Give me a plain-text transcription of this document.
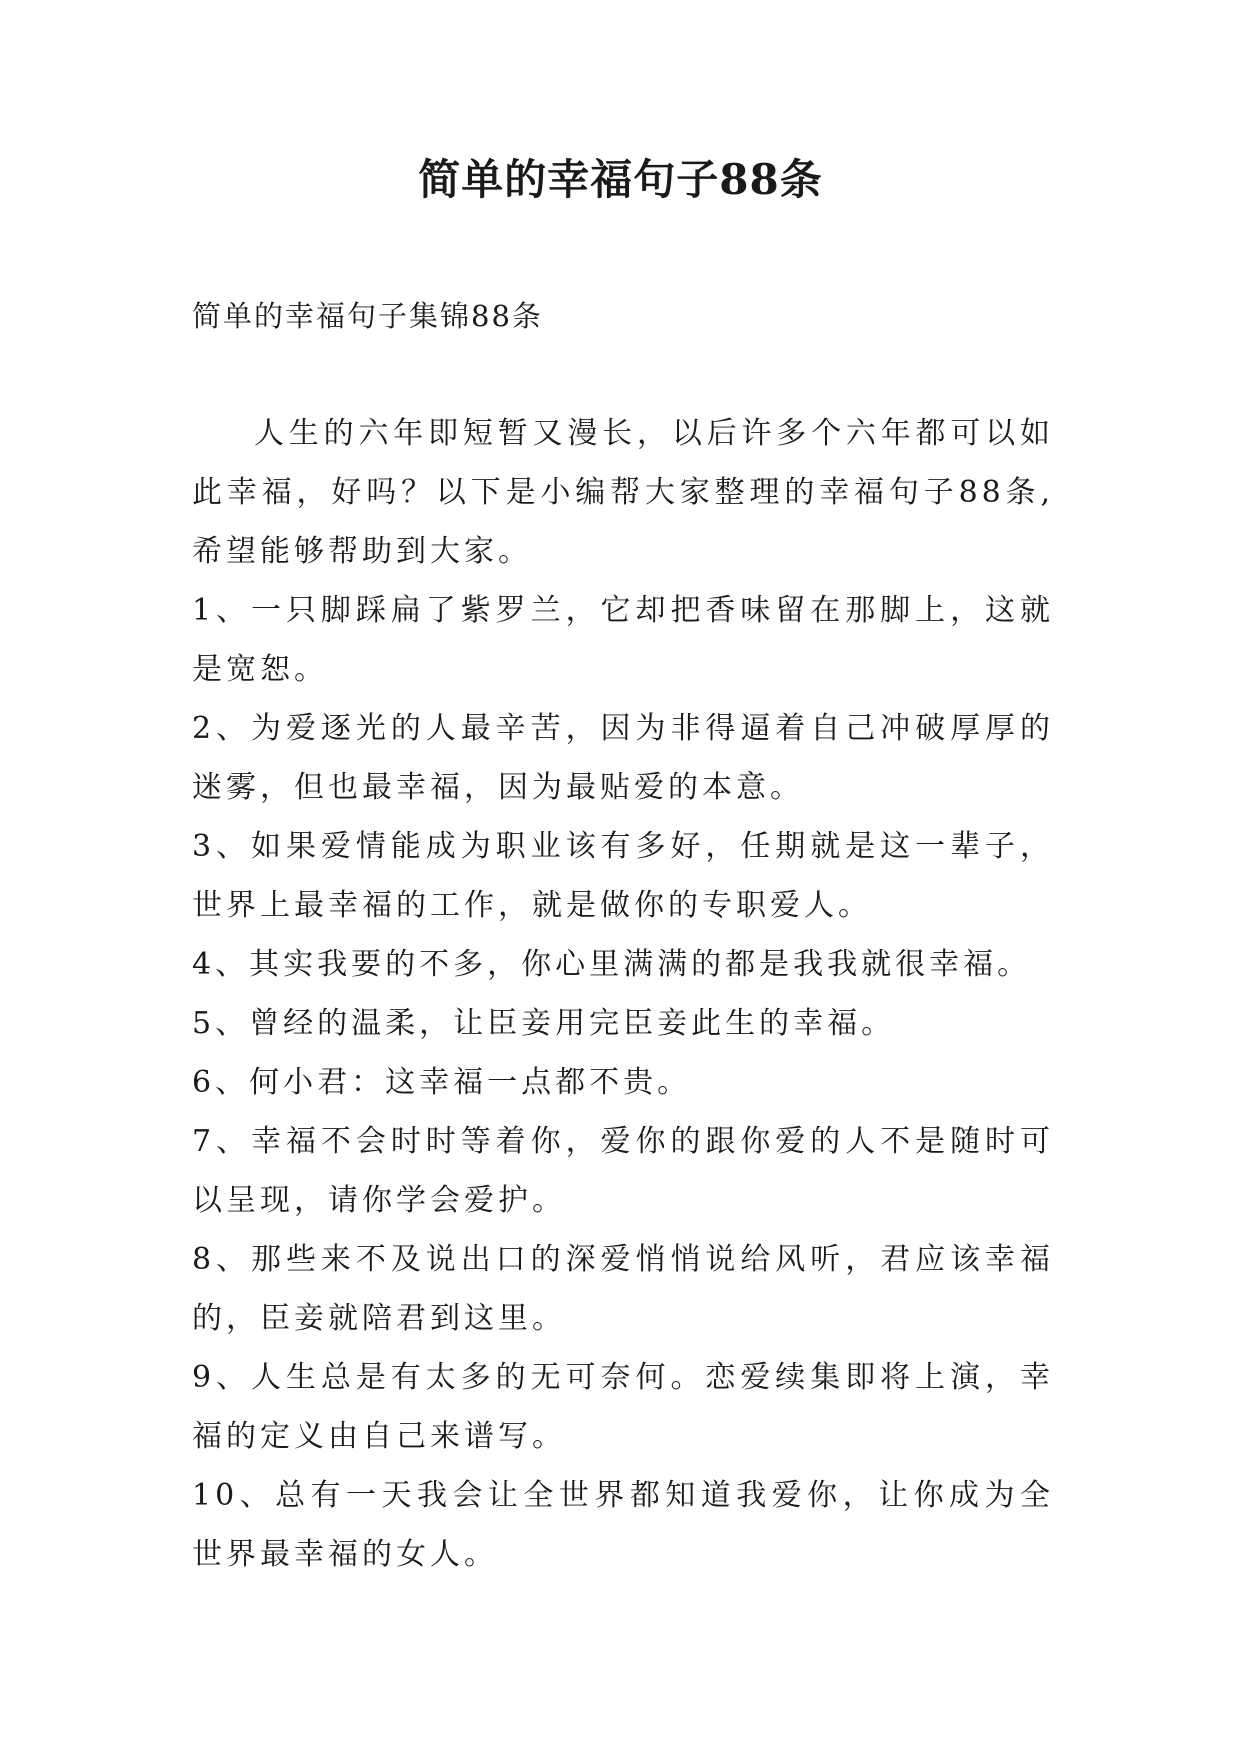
简单的幸福句子88条

简单的幸福句子集锦88条

人生的六年即短暂又漫长，以后许多个六年都可以如此幸福，好吗？以下是小编帮大家整理的幸福句子88条,希望能够帮助到大家。

1、一只脚踩扁了紫罗兰，它却把香味留在那脚上，这就是宽恕。

2、为爱逐光的人最辛苦，因为非得逼着自己冲破厚厚的迷雾，但也最幸福，因为最贴爱的本意。

3、如果爱情能成为职业该有多好，任期就是这一辈子，世界上最幸福的工作，就是做你的专职爱人。

4、其实我要的不多，你心里满满的都是我我就很幸福。

5、曾经的温柔，让臣妾用完臣妾此生的幸福。

6、何小君：这幸福一点都不贵。

7、幸福不会时时等着你，爱你的跟你爱的人不是随时可以呈现，请你学会爱护。

8、那些来不及说出口的深爱悄悄说给风听，君应该幸福的，臣妾就陪君到这里。

9、人生总是有太多的无可奈何。恋爱续集即将上演，幸福的定义由自己来谱写。

10、总有一天我会让全世界都知道我爱你，让你成为全世界最幸福的女人。
